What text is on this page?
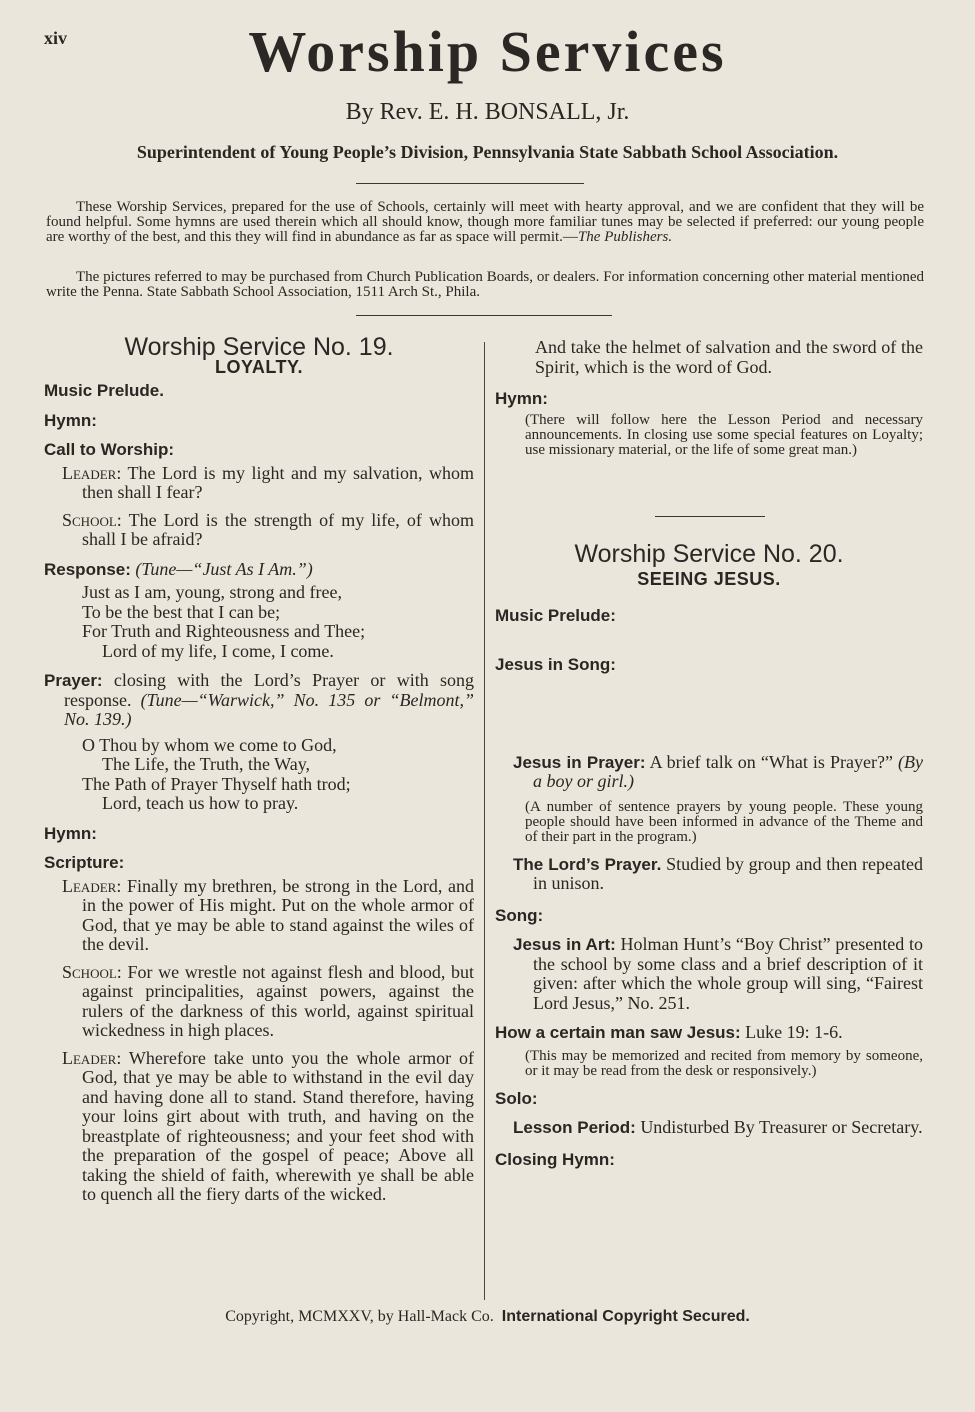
xiv	Worship Services
By Rev. E. H. BONSALL, Jr.
Superintendent of Young People’s Division, Pennsylvania State Sabbath School Association.

These Worship Services, prepared for the use of Schools, certainly will meet with hearty approval, and we are confident that they will be found helpful. Some hymns are used therein which all should know, though more familiar tunes may be selected if preferred: our young people are worthy of the best, and this they will find in abundance as far as space will permit.—The Publishers.

The pictures referred to may be purchased from Church Publication Boards, or dealers. For information concerning other material mentioned write the Penna. State Sabbath School Association, 1511 Arch St., Phila.

Worship Service No. 19.
LOYALTY.
Music Prelude.
Hymn:
Call to Worship:
Leader: The Lord is my light and my salvation, whom then shall I fear?
School: The Lord is the strength of my life, of whom shall I be afraid?
Response: (Tune—“Just As I Am.”)
Just as I am, young, strong and free,
To be the best that I can be;
For Truth and Righteousness and Thee;
Lord of my life, I come, I come.
Prayer: closing with the Lord’s Prayer or with song response. (Tune—“Warwick,” No. 135 or “Belmont,” No. 139.)
O Thou by whom we come to God,
The Life, the Truth, the Way,
The Path of Prayer Thyself hath trod;
Lord, teach us how to pray.
Hymn:
Scripture:
Leader: Finally my brethren, be strong in the Lord, and in the power of His might. Put on the whole armor of God, that ye may be able to stand against the wiles of the devil.
School: For we wrestle not against flesh and blood, but against principalities, against powers, against the rulers of the darkness of this world, against spiritual wickedness in high places.
Leader: Wherefore take unto you the whole armor of God, that ye may be able to withstand in the evil day and having done all to stand. Stand therefore, having your loins girt about with truth, and having on the breastplate of righteousness; and your feet shod with the preparation of the gospel of peace; Above all taking the shield of faith, wherewith ye shall be able to quench all the fiery darts of the wicked.
And take the helmet of salvation and the sword of the Spirit, which is the word of God.
Hymn:
(There will follow here the Lesson Period and necessary announcements. In closing use some special features on Loyalty; use missionary material, or the life of some great man.)
Worship Service No. 20.
SEEING JESUS.
Music Prelude:
Jesus in Song:
Jesus in Prayer: A brief talk on “What is Prayer?” (By a boy or girl.)
(A number of sentence prayers by young people. These young people should have been informed in advance of the Theme and of their part in the program.)
The Lord’s Prayer. Studied by group and then repeated in unison.
Song:
Jesus in Art: Holman Hunt’s “Boy Christ” presented to the school by some class and a brief description of it given: after which the whole group will sing, “Fairest Lord Jesus,” No. 251.
How a certain man saw Jesus: Luke 19: 1-6.
(This may be memorized and recited from memory by someone, or it may be read from the desk or responsively.)
Solo:
Lesson Period: Undisturbed By Treasurer or Secretary.
Closing Hymn:
Copyright, MCMXXV, by Hall-Mack Co. International Copyright Secured.
